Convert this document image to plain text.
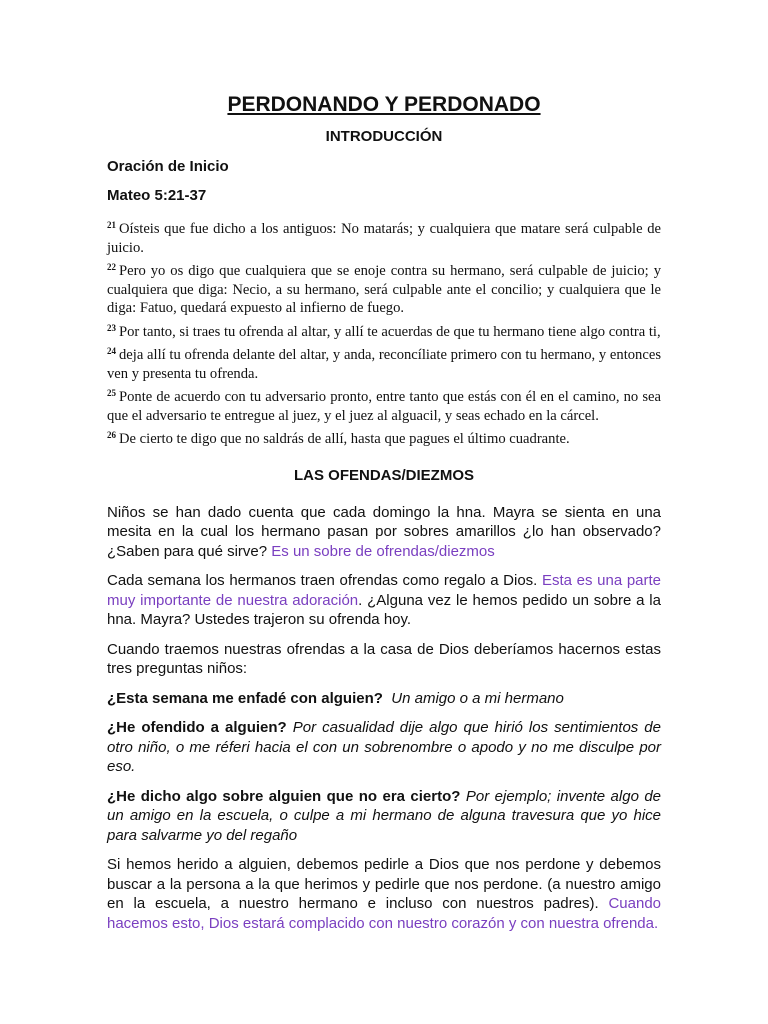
PERDONANDO Y PERDONADO
INTRODUCCIÓN
Oración de Inicio
Mateo 5:21-37

$^{21}$ Oísteis que fue dicho a los antiguos: No matarás; y cualquiera que matare será culpable de juicio.

$^{22}$ Pero yo os digo que cualquiera que se enoje contra su hermano, será culpable de juicio; y cualquiera que diga: Necio, a su hermano, será culpable ante el concilio; y cualquiera que le diga: Fatuo, quedará expuesto al infierno de fuego.

$^{23}$ Por tanto, si traes tu ofrenda al altar, y allí te acuerdas de que tu hermano tiene algo contra ti,

$^{24}$ deja allí tu ofrenda delante del altar, y anda, reconcíliate primero con tu hermano, y entonces ven y presenta tu ofrenda.

$^{25}$ Ponte de acuerdo con tu adversario pronto, entre tanto que estás con él en el camino, no sea que el adversario te entregue al juez, y el juez al alguacil, y seas echado en la cárcel.

$^{26}$ De cierto te digo que no saldrás de allí, hasta que pagues el último cuadrante.

LAS OFENDAS/DIEZMOS

Niños se han dado cuenta que cada domingo la hna. Mayra se sienta en una mesita en la cual los hermano pasan por sobres amarillos ¿lo han observado? ¿Saben para qué sirve? Es un sobre de ofrendas/diezmos

Cada semana los hermanos traen ofrendas como regalo a Dios. Esta es una parte muy importante de nuestra adoración. ¿Alguna vez le hemos pedido un sobre a la hna. Mayra? Ustedes trajeron su ofrenda hoy.

Cuando traemos nuestras ofrendas a la casa de Dios deberíamos hacernos estas tres preguntas niños:

¿Esta semana me enfadé con alguien? Un amigo o a mi hermano

¿He ofendido a alguien? Por casualidad dije algo que hirió los sentimientos de otro niño, o me réferi hacia el con un sobrenombre o apodo y no me disculpe por eso.

¿He dicho algo sobre alguien que no era cierto? Por ejemplo; invente algo de un amigo en la escuela, o culpe a mi hermano de alguna travesura que yo hice para salvarme yo del regaño

Si hemos herido a alguien, debemos pedirle a Dios que nos perdone y debemos buscar a la persona a la que herimos y pedirle que nos perdone. (a nuestro amigo en la escuela, a nuestro hermano e incluso con nuestros padres). Cuando hacemos esto, Dios estará complacido con nuestro corazón y con nuestra ofrenda.
